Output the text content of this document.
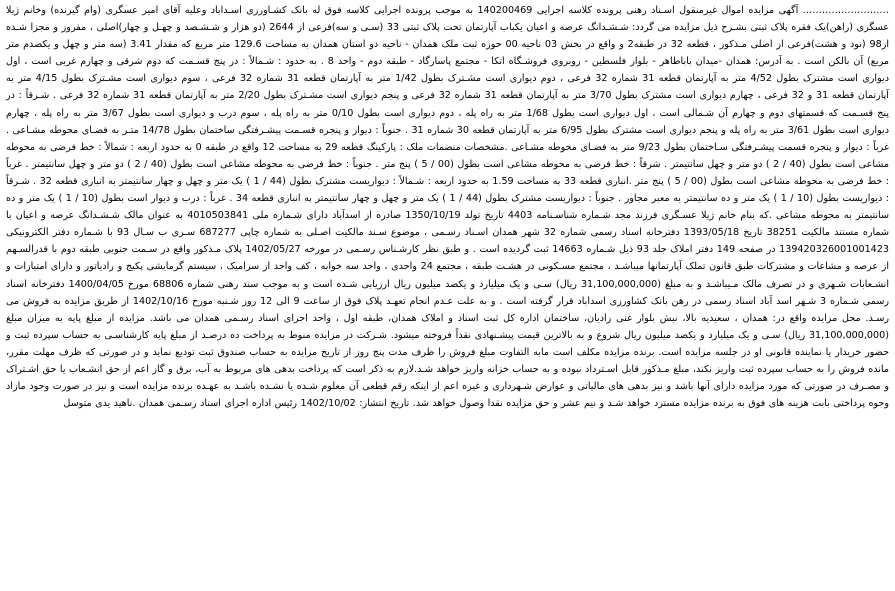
……………………… آگهی مزایده اموال غیرمنقول اسـناد رهنی پرونده کلاسه اجرایی 140200469 به موجب پرونده اجرایی کلاسه فوق له بانک کشـاورزی اسـداباد وعلیه آقای امیر عسگری (وام گیرنده) وخانم ژیلا عسگری (راهن)یک فقره پلاک ثبتی بشـرح ذیل مزایده می گردد: شـشـدانگ عرصه و اعیان یکباب آپارتمان تحت پلاک ثبتی 33 (سـی و سه)فرعی از 2644 (دو هزار و شـشـصد و چهـل و چهار)اصلی ، مفروز و مجزا شـده از98 (نود و هشت)فرعی از اصلی مـذکور ، قطعه 32 در طبقه2 و واقع در بخش 03 ناحیه 00 حوزه ثبت ملک همدان - ناحیه دو استان همدان به مساحت 129.6 متر مربع که مقدار 3.41 (سه متر و چهل و یکصدم متر مربع) آن بالکن است . به آدرس: همدان -میدان باباطاهر - بلوار فلسطین - روبروی فروشـگاه اتکا - مجتمع پاسارگاد - طبقه دوم - واحد 8 . به حدود : شـمالاً : در پنج قسـمت که دوم شرقی و چهارم غربی است ، اول دیواری است مشترک بطول 4/52 متر به آپارتمان قطعه 31 شماره 32 فرعی ، دوم دیواری است مشـترک بطول 1/42 متر به آپارتمان قطعه 31 شماره 32 فرعی ، سوم دیواری است مشـترک بطول 4/15 متر به آپارتمان قطعه 31 و 32 فرعی ، چهارم دیواری است مشترک بطول 3/70 متر به آپارتمان قطعه 31 شماره 32 فرعی و پنجم دیواری است مشـترک بطول 2/20 متر به آپارتمان قطعه 31 شماره 32 فرعی . شـرقاً : در پنج قسـمت که قسمتهای دوم و چهارم آن شـمالی است ، اول دیواری است بطول 1/68 متر به راه پله ، دوم دیواری است بطول 0/10 متر به راه پله ، سوم درب و دیواری است بطول 3/67 متر به راه پله ، چهارم دیواری است بطول 3/61 متر به راه پله و پنجم دیواری است مشترک بطول 6/95 متر به آپارتمان قطعه 30 شماره 31 . جنوباً : دیوار و پنجره قسـمت پیشـرفتگی ساختمان بطول 14/78 متـر به فضـای محوطه مشـاعی . غرباً : دیوار و پنجره قسمت پیشـرفتگی سـاختمان بطول 9/23 متر به فضـای محوطه مشـاعی .مشخصات منضمات ملک : پارکینگ قطعه 29 به مساحت 12 واقع در طبقه 0 به حدود اربعه : شمالاً : خط فرضی به محوطه مشاعی است بطول (40 / 2 ) دو متر و چهل سانتیمتر . شرقاً : خط فرضی به محوطه مشاعی است بطول (00 / 5 ) پنج متر . جنوباً : خط فرضی به محوطه مشاعی است بطول (40 / 2 ) دو متر و چهل سانتیمتر . غرباً : خط فرضی به محوطه مشاعی است بطول (00 / 5 ) پنج متر .انباری قطعه 33 به مساحت 1.59 به حدود اربعه : شـمالاً : دیواریست مشترک بطول (44 / 1 ) یک متر و چهل و چهار سانتیمتر به انباری قطعه 32 . شـرقاً : دیواریست بطول (10 / 1 ) یک متر و ده سانتیمتر به معبر مجاور . جنوباً : دیواریست مشترک بطول (44 / 1 ) یک متر و چهل و چهار سانتیمتر به انباری قطعه 34 . غرباً : درب و دیوار است بطول (10 / 1 ) یک متر و ده سانتیمتر به محوطه مشاعی .که بنام خانم ژیلا عسـگری فرزند مجد شـماره شناسـنامه 4403 تاریخ تولد 1350/10/19 صادره از اسدآباد دارای شـماره ملی 4010503841 به عنوان مالک شـشـدانگ عرصه و اعیان با شماره مستند مالکیت 38251 تاریخ 1393/05/18 دفترخانه اسناد رسمی شماره 32 شهر همدان اسـناد رسـمی ، موضوع سـند مالکیت اصـلی به شماره چاپی 687277 سـری ب سـال 93 با شـماره دفتر الکترونیکی 139420326001001423 در صفحه 149 دفتر املاک جلد 93 ذیل شـماره 14663 ثبت گردیده است . و طبق نظر کارشـناس رسـمی در مورخه 1402/05/27 پلاک مـذکور واقع در سـمت جنوبی طبقه دوم با قدرالسـهم از عرصه و مشاعات و مشترکات طبق قانون تملک آپارتمانها میباشـد ، مجتمع مسـکونی در هشـت طبقه ، مجتمع 24 واحدی ، واحد سه خوابه ، کف واحد از سرامیک ، سیستم گرمایشی پکیج و رادیاتور و دارای امتیازات و انشـعابات شـهری و در تصرف مالک مـیباشـد و به مبلغ (31,100,000,000 ریال) سـی و یک میلیارد و یکصد میلیون ریال ارزیابی شـده است و به موجب سند رهنی شماره 68806 مورخ 1400/04/05 دفترخانه اسناد رسمی شـماره 3 شـهر اسد آباد اسناد رسمی در رهن بانک کشاورزی اسداباد قرار گرفته است . و به علت عـدم انجام تعهـد پلاک فوق از ساعت 9 الی 12 روز شـنبه مورخ 1402/10/16 از طریق مزایده به فروش می رسـد. محل مزایده واقع در: همدان ، سعیدیه بالا، نبش بلوار غنی زادیان، ساختمان اداره کل ثبت اسناد و املاک همدان، طبقه اول ، واحد اجرای اسناد رسـمی همدان می باشد. مزایده از مبلغ پایه به میزان مبلغ (31,100,000,000 ریال) سـی و یک میلیارد و یکصد میلیون ریال شروع و به بالاترین قیمت پیشـنهادی نقداً فروخته میشود. شـرکت در مزایده منوط به پرداخت ده درصـد از مبلغ پایه کارشناسـی به حساب سپرده ثبت و حضور خریدار یا نماینده قانونی او در جلسه مزایده است. برنده مزایده مکلف است مابه التفاوت مبلغ فروش را ظرف مدت پنج روز از تاریخ مزایده به حساب صندوق ثبت تودیع نماید و در صورتی که ظرف مهلت مقرر، مانده فروش را به حساب سپرده ثبت واریز نکند، مبلغ مـذکور قابل اسـترداد نبوده و به حساب خزانه واریز خواهد شـد.لازم به ذکر است که پرداخت بدهی های مربوط به آب، برق و گاز اعم از حق انشـعاب یا حق اشـتراک و مصـرف در صورتی که مورد مزایده دارای آنها باشد و نیز بدهی های مالیاتی و عوارض شـهرداری و غیره اعم از اینکه رقم قطعی آن معلوم شـده یا نشـده باشـد به عهـده برنده مزایده است و نیز در صورت وجود مازاد وجوه پرداختی بابت هزینه های فوق به برنده مزایده مسترد خواهد شـد و نیم عشر و حق مزایده نقدا وصول خواهد شد. تاریخ انتشار: 1402/10/02 رئیس اداره اجرای اسناد رسـمی همدان .ناهید یدی متوسل
